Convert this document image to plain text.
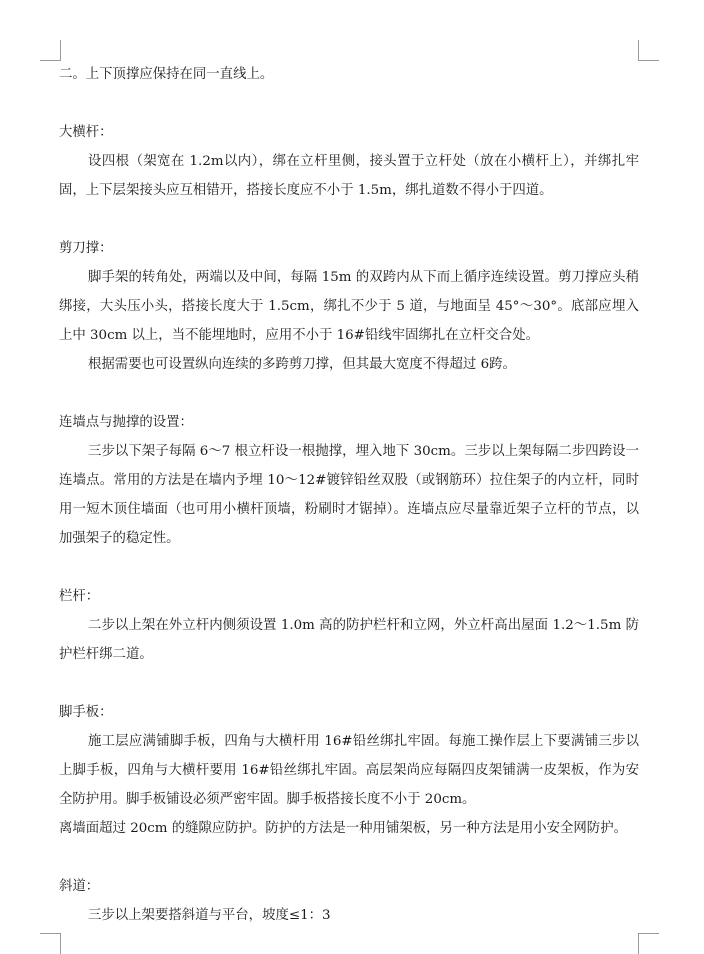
二。上下顶撑应保持在同一直线上。

大横杆：

设四根（架宽在 1.2m以内），绑在立杆里侧，接头置于立杆处（放在小横杆上），并绑扎牢固，上下层架接头应互相错开，搭接长度应不小于 1.5m，绑扎道数不得小于四道。

剪刀撑：

脚手架的转角处，两端以及中间，每隔 15m 的双跨内从下而上循序连续设置。剪刀撑应头稍绑接，大头压小头，搭接长度大于 1.5cm，绑扎不少于 5 道，与地面呈 45°～30°。底部应埋入上中 30cm 以上，当不能埋地时，应用不小于 16#铅线牢固绑扎在立杆交合处。

根据需要也可设置纵向连续的多跨剪刀撑，但其最大宽度不得超过 6跨。

连墙点与抛撑的设置：

三步以下架子每隔 6～7 根立杆设一根抛撑，埋入地下 30cm。三步以上架每隔二步四跨设一连墙点。常用的方法是在墙内予埋 10～12#镀锌铅丝双股（或钢筋环）拉住架子的内立杆，同时用一短木顶住墙面（也可用小横杆顶墙，粉刷时才锯掉）。连墙点应尽量靠近架子立杆的节点，以加强架子的稳定性。

栏杆：

二步以上架在外立杆内侧须设置 1.0m 高的防护栏杆和立网，外立杆高出屋面 1.2～1.5m 防护栏杆绑二道。

脚手板：

施工层应满铺脚手板，四角与大横杆用 16#铅丝绑扎牢固。每施工操作层上下要满铺三步以上脚手板，四角与大横杆要用 16#铅丝绑扎牢固。高层架尚应每隔四皮架铺满一皮架板，作为安全防护用。脚手板铺设必须严密牢固。脚手板搭接长度不小于 20cm。

离墙面超过 20cm 的缝隙应防护。防护的方法是一种用铺架板，另一种方法是用小安全网防护。

斜道：

三步以上架要搭斜道与平台，坡度≤1：3
